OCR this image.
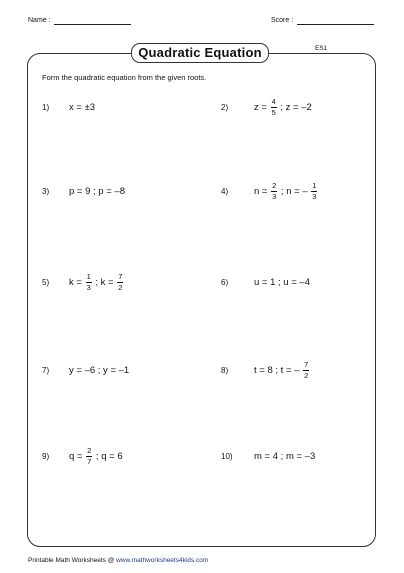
Name :	Score :
Quadratic Equation	ES1
Form the quadratic equation from the given roots.
1) x = ±3	2)	$z = \frac{4}{5}$ ; z = –2
3) p = 9 ; p = –8	4)	$n = \frac{2}{3}$ ; n = – $\frac{1}{3}$
5) $k = \frac{1}{3}$ ; $k = \frac{7}{2}$	6)	u = 1 ; u = –4
7) y = –6 ; y = –1	8)	t = 8 ; t = – $\frac{7}{2}$
9) $q = \frac{2}{7}$ ; q = 6	10) m = 4 ; m = –3
Printable Math Worksheets @ www.mathworksheets4kids.com
